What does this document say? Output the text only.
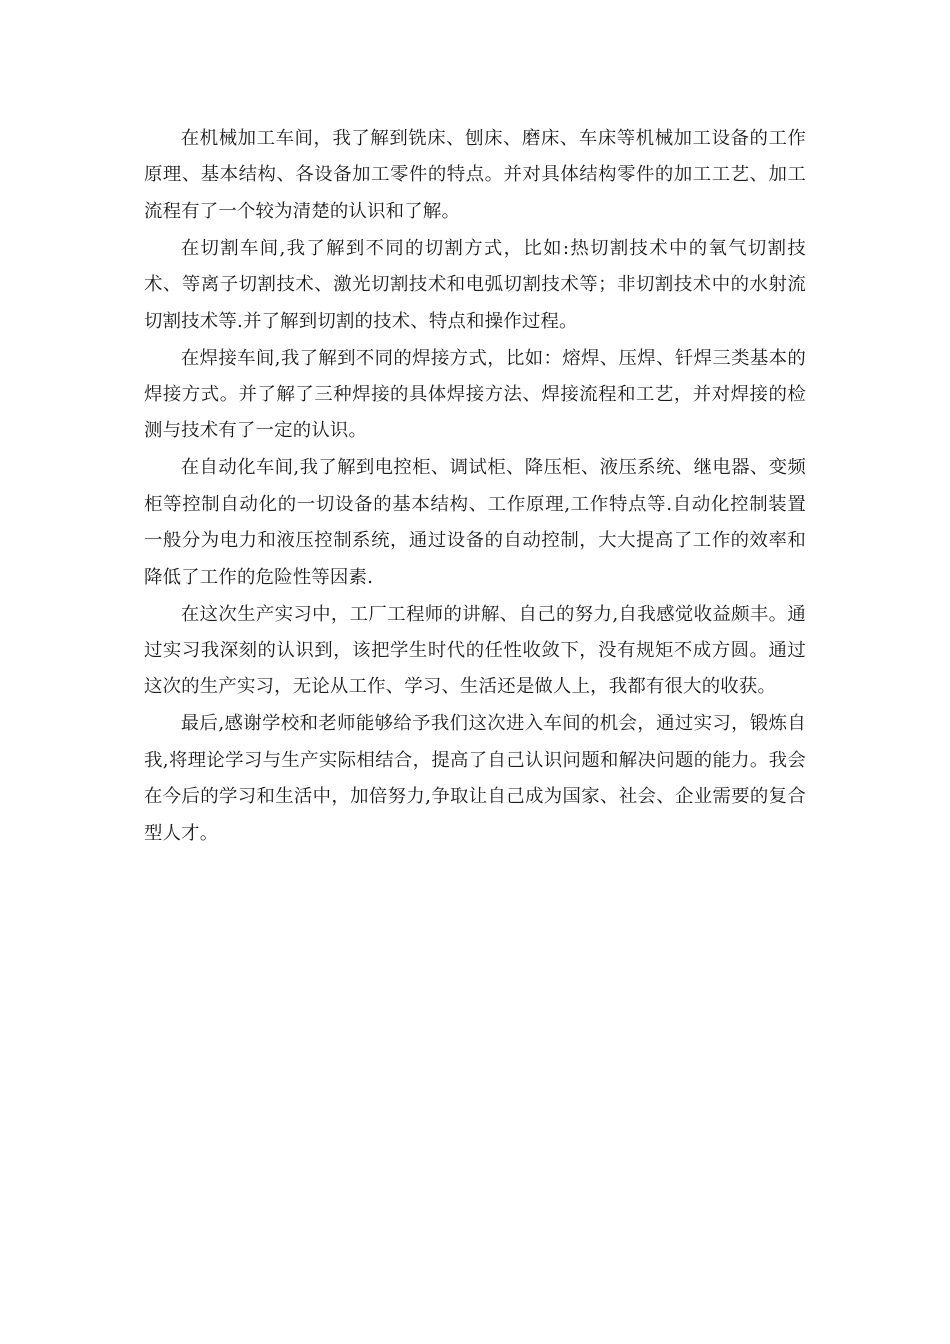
在机械加工车间，我了解到铣床、刨床、磨床、车床等机械加工设备的工作原理、基本结构、各设备加工零件的特点。并对具体结构零件的加工工艺、加工流程有了一个较为清楚的认识和了解。

在切割车间,我了解到不同的切割方式，比如:热切割技术中的氧气切割技术、等离子切割技术、激光切割技术和电弧切割技术等；非切割技术中的水射流切割技术等.并了解到切割的技术、特点和操作过程。

在焊接车间,我了解到不同的焊接方式，比如：熔焊、压焊、钎焊三类基本的焊接方式。并了解了三种焊接的具体焊接方法、焊接流程和工艺，并对焊接的检测与技术有了一定的认识。

在自动化车间,我了解到电控柜、调试柜、降压柜、液压系统、继电器、变频柜等控制自动化的一切设备的基本结构、工作原理,工作特点等.自动化控制装置一般分为电力和液压控制系统，通过设备的自动控制，大大提高了工作的效率和降低了工作的危险性等因素.

在这次生产实习中，工厂工程师的讲解、自己的努力,自我感觉收益颇丰。通过实习我深刻的认识到，该把学生时代的任性收敛下，没有规矩不成方圆。通过这次的生产实习，无论从工作、学习、生活还是做人上，我都有很大的收获。

最后,感谢学校和老师能够给予我们这次进入车间的机会，通过实习，锻炼自我,将理论学习与生产实际相结合，提高了自己认识问题和解决问题的能力。我会在今后的学习和生活中，加倍努力,争取让自己成为国家、社会、企业需要的复合型人才。
